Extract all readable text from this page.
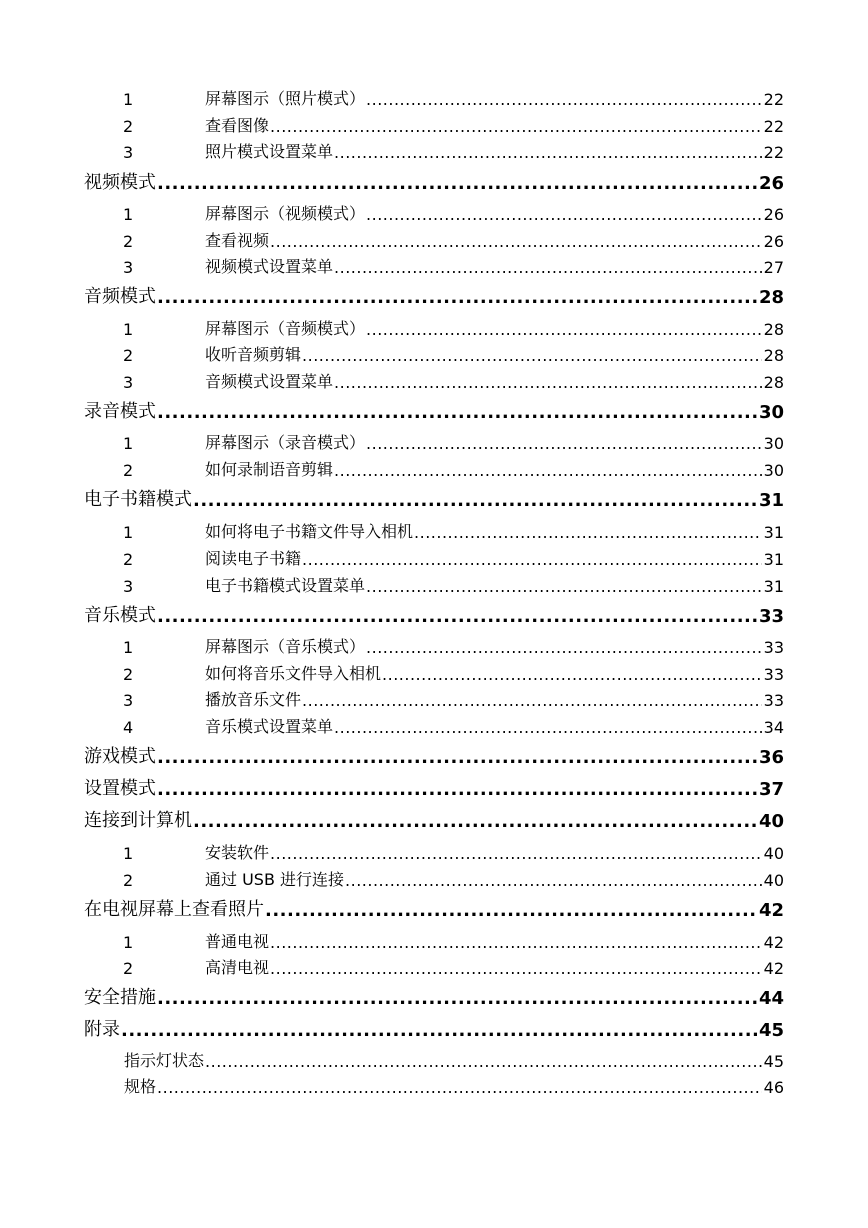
1	屏幕图示（照片模式） .....	22
2	查看图像 .....	22
3	照片模式设置菜单 .....	22
视频模式 .....	26
1	屏幕图示（视频模式） .....	26
2	查看视频 .....	26
3	视频模式设置菜单 .....	27
音频模式 .....	28
1	屏幕图示（音频模式） .....	28
2	收听音频剪辑 .....	28
3	音频模式设置菜单 .....	28
录音模式 .....	30
1	屏幕图示（录音模式） .....	30
2	如何录制语音剪辑 .....	30
电子书籍模式 .....	31
1	如何将电子书籍文件导入相机 .....	31
2	阅读电子书籍 .....	31
3	电子书籍模式设置菜单 .....	31
音乐模式 .....	33
1	屏幕图示（音乐模式） .....	33
2	如何将音乐文件导入相机 .....	33
3	播放音乐文件 .....	33
4	音乐模式设置菜单 .....	34
游戏模式 .....	36
设置模式 .....	37
连接到计算机 .....	40
1	安装软件 .....	40
2	通过 USB 进行连接 .....	40
在电视屏幕上查看照片 .....	42
1	普通电视 .....	42
2	高清电视 .....	42
安全措施 .....	44
附录 .....	45
指示灯状态 .....	45
规格 .....	46
